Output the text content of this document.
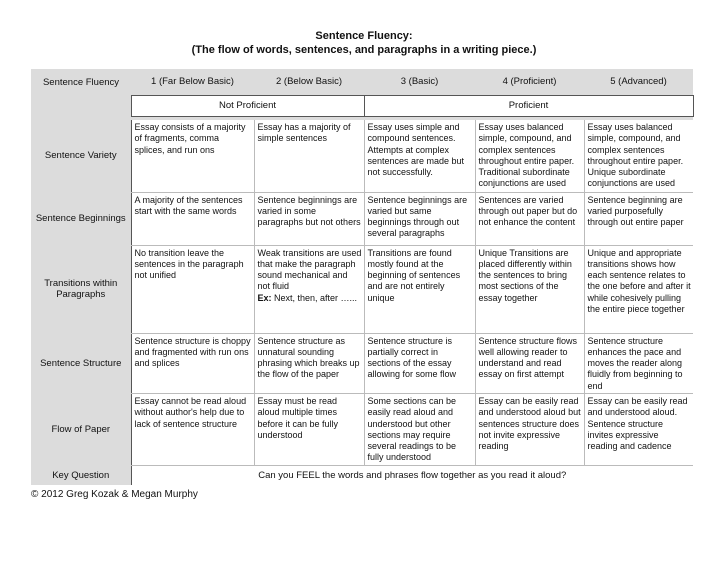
Sentence Fluency:
(The flow of words, sentences, and paragraphs in a writing piece.)
Sentence Fluency	1 (Far Below Basic)	2 (Below Basic)	3 (Basic)	4 (Proficient)	5 (Advanced)
	Not Proficient		Proficient		

Sentence Variety	Essay consists of a majority of fragments, comma splices, and run ons	Essay has a majority of simple sentences	Essay uses simple and compound sentences. Attempts at complex sentences are made but not successfully.	Essay uses balanced simple, compound, and complex sentences throughout entire paper. Traditional subordinate conjunctions are used	Essay uses balanced simple, compound, and complex sentences throughout entire paper. Unique subordinate conjunctions are used
Sentence Beginnings	A majority of the sentences start with the same words	Sentence beginnings are varied in some paragraphs but not others	Sentence beginnings are varied but same beginnings through out several paragraphs	Sentences are varied through out paper but do not enhance the content	Sentence beginning are varied purposefully through out entire paper
Transitions within Paragraphs	No transition leave the sentences in the paragraph not unified	Weak transitions are used that make the paragraph sound mechanical and not fluid
Ex: Next, then, after …...	Transitions are found mostly found at the beginning of sentences and are not entirely unique	Unique Transitions are placed differently within the sentences to bring most sections of the essay together	Unique and appropriate transitions shows how each sentence relates to the one before and after it while cohesively pulling the entire piece together
Sentence Structure	Sentence structure is choppy and fragmented with run ons and splices	Sentence structure as unnatural sounding phrasing which breaks up the flow of the paper	Sentence structure is partially correct in sections of the essay allowing for some flow	Sentence structure flows well allowing reader to understand and read essay on first attempt	Sentence structure enhances the pace and moves the reader along fluidly from beginning to end
Flow of Paper	Essay cannot be read aloud without author's help due to lack of sentence structure	Essay must be read aloud multiple times before it can be fully understood	Some sections can be easily read aloud and understood but other sections may require several readings to be fully understood	Essay can be easily read and understood aloud but sentences structure does not invite expressive reading	Essay can be easily read and understood aloud. Sentence structure invites expressive reading and cadence
Key Question	Can you FEEL the words and phrases flow together as you read it aloud?				
© 2012 Greg Kozak & Megan Murphy
